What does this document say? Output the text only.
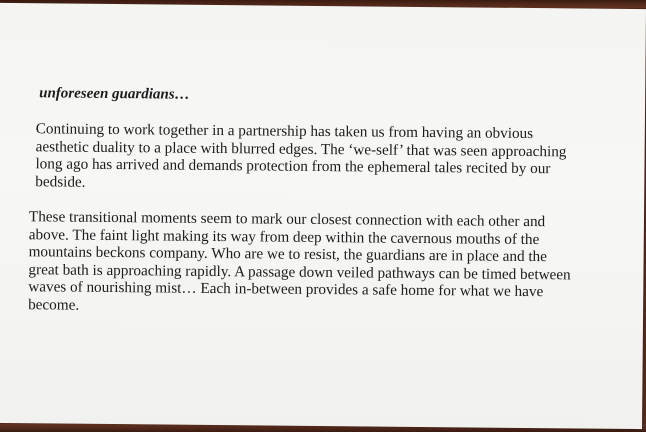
unforeseen guardians…

Continuing to work together in a partnership has taken us from having an obvious
aesthetic duality to a place with blurred edges. The ‘we-self’ that was seen approaching
long ago has arrived and demands protection from the ephemeral tales recited by our
bedside.

These transitional moments seem to mark our closest connection with each other and
above. The faint light making its way from deep within the cavernous mouths of the
mountains beckons company. Who are we to resist, the guardians are in place and the
great bath is approaching rapidly. A passage down veiled pathways can be timed between
waves of nourishing mist… Each in-between provides a safe home for what we have
become.
